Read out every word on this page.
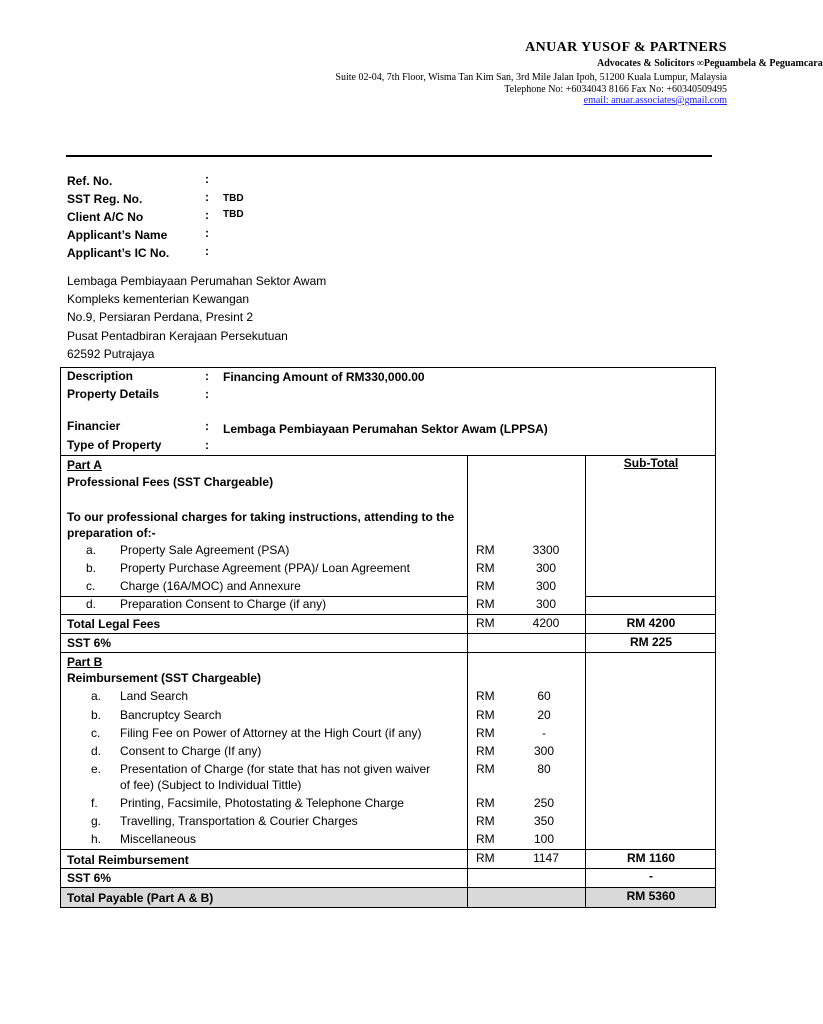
ANUAR YUSOF & PARTNERS
Advocates & Solicitors ∞Peguambela & Peguamcara
Suite 02-04, 7th Floor, Wisma Tan Kim San, 3rd Mile Jalan Ipoh, 51200 Kuala Lumpur, Malaysia
Telephone No: +6034043 8166 Fax No: +60340509495
email: anuar.associates@gmail.com
Ref. No.	:
SST Reg. No.	: TBD
Client A/C No	: TBD
Applicant’s Name	:
Applicant’s IC No.	:
Lembaga Pembiayaan Perumahan Sektor Awam
Kompleks kementerian Kewangan
No.9, Persiaran Perdana, Presint 2
Pusat Pentadbiran Kerajaan Persekutuan
62592 Putrajaya
Description	: Financing Amount of RM330,000.00
Property Details	:
Financier	: Lembaga Pembiayaan Perumahan Sektor Awam (LPPSA)
Type of Property	:
Part A	Sub-Total
Professional Fees (SST Chargeable)
To our professional charges for taking instructions, attending to the
preparation of:-
a. Property Sale Agreement (PSA)	RM	3300
b. Property Purchase Agreement (PPA)/ Loan Agreement	RM	300
c. Charge (16A/MOC) and Annexure	RM	300
d. Preparation Consent to Charge (if any)	RM	300
Total Legal Fees	RM	4200	RM 4200
SST 6%	RM 225
Part B
Reimbursement (SST Chargeable)
a. Land Search	RM	60
b. Bancruptcy Search	RM	20
c. Filing Fee on Power of Attorney at the High Court (if any)	RM	-
d. Consent to Charge (If any)	RM	300
e. Presentation of Charge (for state that has not given waiver
of fee) (Subject to Individual Tittle)
RM	80
f. Printing, Facsimile, Photostating & Telephone Charge	RM	250
g. Travelling, Transportation & Courier Charges	RM	350
h. Miscellaneous	RM	100
Total Reimbursement	RM	1147	RM 1160
SST 6%	-
Total Payable (Part A & B)	RM 5360
